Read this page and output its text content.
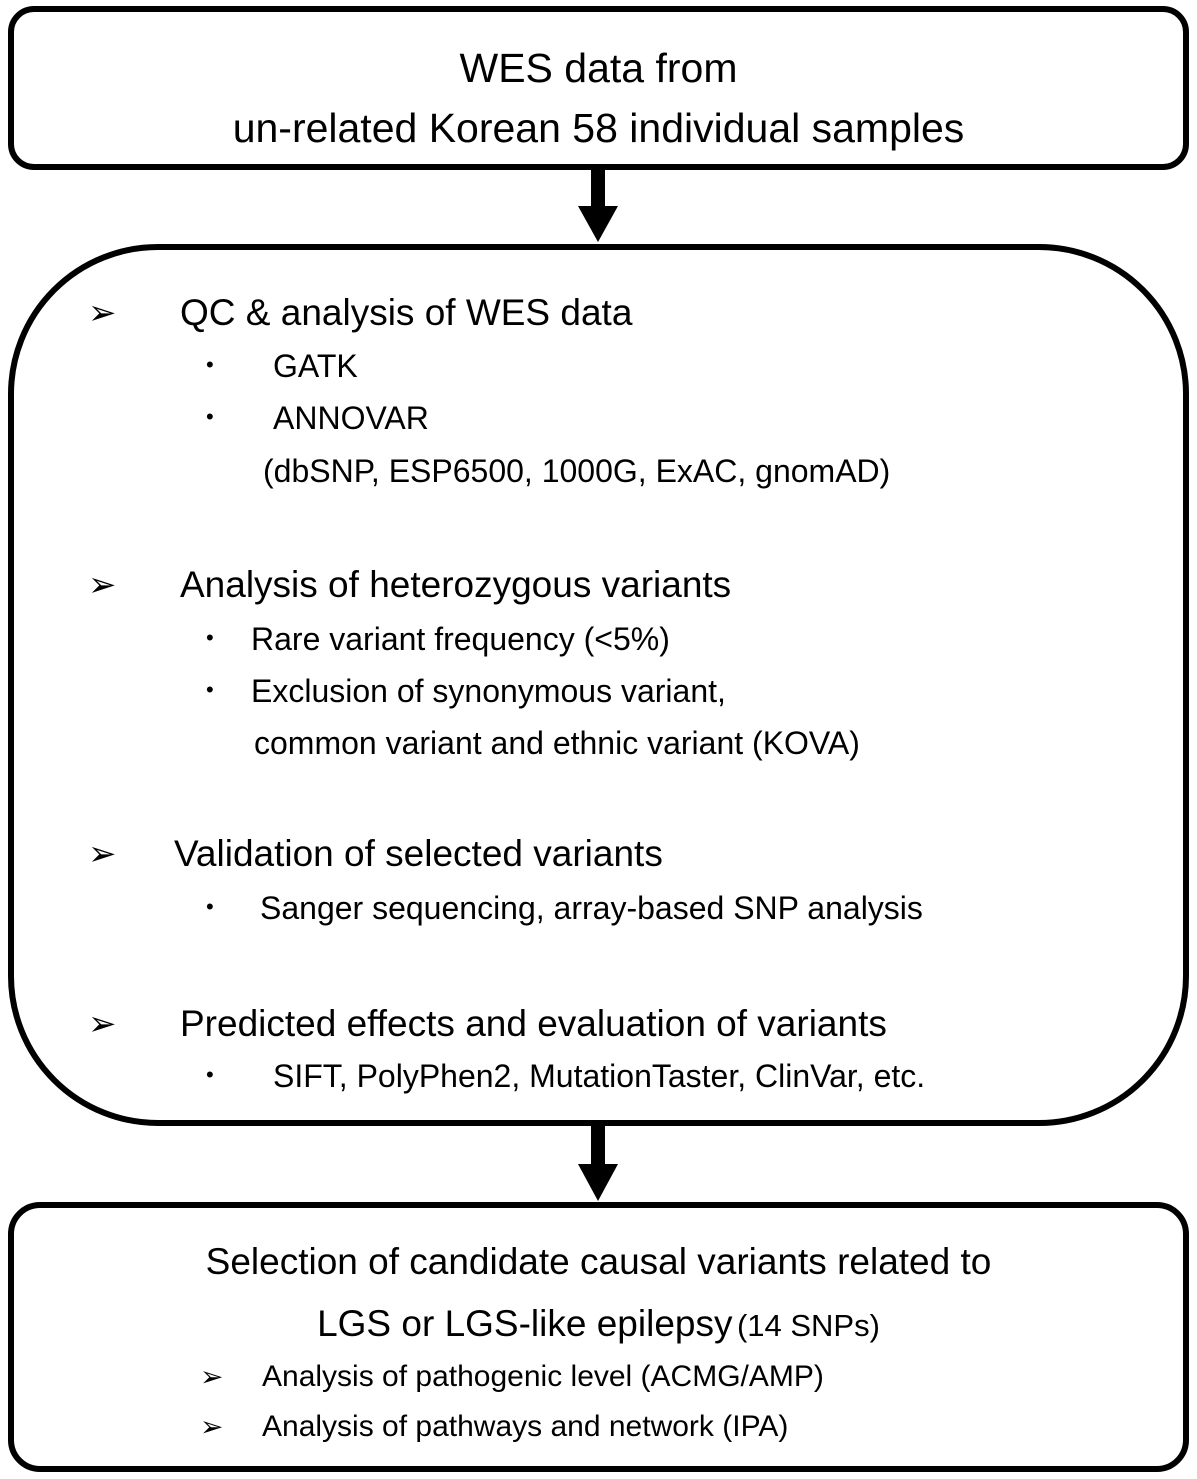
WES data from
un-related Korean 58 individual samples
➢ QC & analysis of WES data
• GATK
• ANNOVAR
(dbSNP, ESP6500, 1000G, ExAC, gnomAD)
➢ Analysis of heterozygous variants
• Rare variant frequency (<5%)
• Exclusion of synonymous variant,
common variant and ethnic variant (KOVA)
➢ Validation of selected variants
• Sanger sequencing, array-based SNP analysis
➢ Predicted effects and evaluation of variants
• SIFT, PolyPhen2, MutationTaster, ClinVar, etc.
Selection of candidate causal variants related to
LGS or LGS-like epilepsy (14 SNPs)
➢ Analysis of pathogenic level (ACMG/AMP)
➢ Analysis of pathways and network (IPA)
